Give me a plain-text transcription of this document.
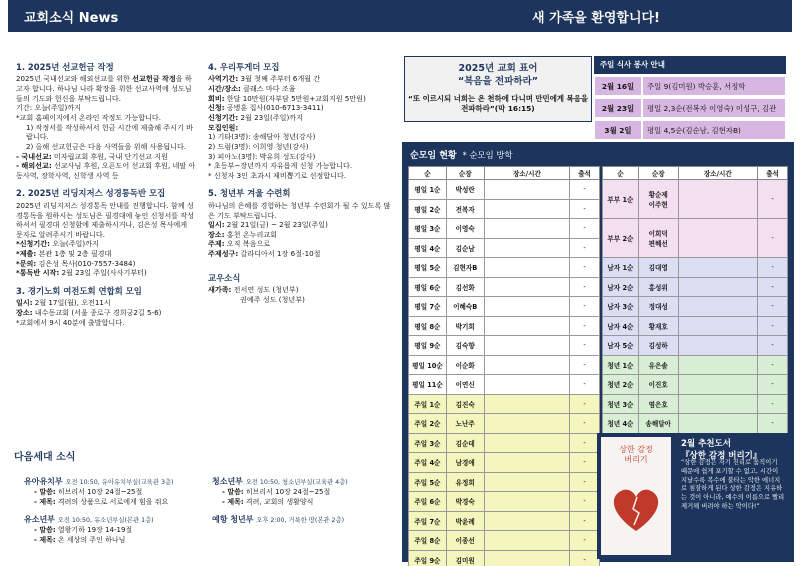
교회소식 News	새 가족을 환영합니다!
1. 2025년 선교헌금 작정
2025년 국내선교와 해외선교를 위한 선교헌금 작정을 하고자 합니다. 하나님 나라 확장을 위한 선교사역에 성도님들의 기도와 헌신을 부탁드립니다.
기간: 오늘(주일)까지
*교회 홈페이지에서 온라인 작정도 가능합니다.
1) 작정서를 작성하셔서 헌금 시간에 제출해 주시기 바랍니다.
2) 올해 선교헌금은 다음 사역들을 위해 사용됩니다.
- 국내선교: 미자립교회 후원, 국내 단기선교 지원
- 해외선교: 선교사님 후원, 오픈도어 선교회 후원, 네팔 아동사역, 장학사역, 신학생 사역 등
2. 2025년 리딩지저스 성경통독반 모집
2025년 리딩지저스 성경통독 안내를 진행합니다. 함께 성경통독을 원하시는 성도님은 필경대에 놓인 신청서를 작성하셔서 필경대 신청함에 제출하시거나, 김은성 목사에게 문자로 알려주시기 바랍니다.
*신청기간: 오늘(주일)까지
*제출: 본관 1층 및 2층 필경대
*문의: 김은성 목사(010-7557-3484)
*통독반 시작: 2월 23일 주일(사사기부터)
3. 경기노회 여전도회 연합회 모임
일시: 2월 17일(월), 오전11시
장소: 내수동교회 (서울 종로구 경희궁2길 5-6)
*교회에서 9시 40분에 출발합니다.
4. 우리투게더 모집
사역기간: 3월 첫째 주부터 6개월 간
시간/장소: 클래스 마다 조율
회비: 한달 10만원(자부담 5만원+교회지원 5만원)
신청: 공병훈 집사(010-6713-3411)
신청기간: 2월 23일(주일)까지
모집인원:
1) 기타(3명): 송해담아 청년(강사)
2) 드럼(3명): 이희영 청년(강사)
3) 피아노(3명): 박유희 성도(강사)
* 초등부~장년까지 자유롭게 신청 가능합니다.
* 신청자 3인 초과시 제비뽑기로 선정합니다.
5. 청년부 겨울 수련회
하나님의 은혜를 경험하는 청년부 수련회가 될 수 있도록 많은 기도 부탁드립니다.
일시: 2월 21일(금) ~ 2월 23일(주일)
장소: 홍천 온누리교회
주제: 오직 복음으로
주제성구: 갈라디아서 1장 6절-10절
교우소식
새가족: 전서연 성도 (청년부)
권예주 성도 (청년부)
다음세대 소식
유아유치부 오전 10:50, 유아유치부실(교육관 3층)
- 말씀: 히브리서 10장 24절~25절
- 제목: 격려의 상품으로 서로에게 힘을 줘요
유소년부 오전 10:50, 유소년부실(본관 1층)
- 말씀: 열왕기하 19장 14-19절
- 제목: 온 세상의 주인 하나님
청소년부 오전 10:50, 청소년부실(교육관 4층)
- 말씀: 히브리서 10장 24절~25절
- 제목: 격려, 교회의 생활양식
예항 청년부 오후 2:00, 거룩한 땅(본관 2층)
2025년 교회 표어
“복음을 전파하라”
“또 이르시되 너희는 온 천하에 다니며 만민에게 복음을 전파하라”(막 16:15)
주일 식사 봉사 안내
2월 16일	주일 9(김미원) 박승훈, 서정학
2월 23일	평일 2,3순(전복자 이영숙) 이성구, 김관
3월 2일	평일 4,5순(김순남, 김현자B)
순모임 현황 * 순모임 방학
순	순장	장소/시간	출석
평일 1순	박성란		-
평일 2순	전복자		-
평일 3순	이영숙		-
평일 4순	김순남		-
평일 5순	김현자B		-
평일 6순	김선화		-
평일 7순	이혜숙B		-
평일 8순	박기희		-
평일 9순	김숙향		-
평일 10순	이순화		-
평일 11순	이연신		-
주일 1순	김진숙		-
주일 2순	노난주		-
주일 3순	김순데		-
주일 4순	남경애		-
주일 5순	유정희		-
주일 6순	박경숙		-
주일 7순	박윤례		-
주일 8순	이종선		-
주일 9순	김미원		-
순	순장	장소/시간	출석
부부 1순	황순제
이주현		-
부부 2순	이희덕
편혜선		-
남자 1순	김대영		-
남자 2순	홍성위		-
남자 3순	정대성		-
남자 4순	황재호		-
남자 5순	김성하		-
청년 1순	유은솔		-
청년 2순	이진호		-
청년 3순	염은호		-
청년 4순	송해달아		-

상한 감정
버리기
2월 추천도서
『상한 감정 버리기』
“상한 감정은 자기 진리로 움직이기 때문에 쉽게 포기할 수 없고, 시간이 지날수록 복수에 불타는 악한 에너지로 침잠하게 된다 상한 감정은 지유하는 것이 아니라, 예수의 이름으로 빨리 제거해 버려야 하는 악이다!”
